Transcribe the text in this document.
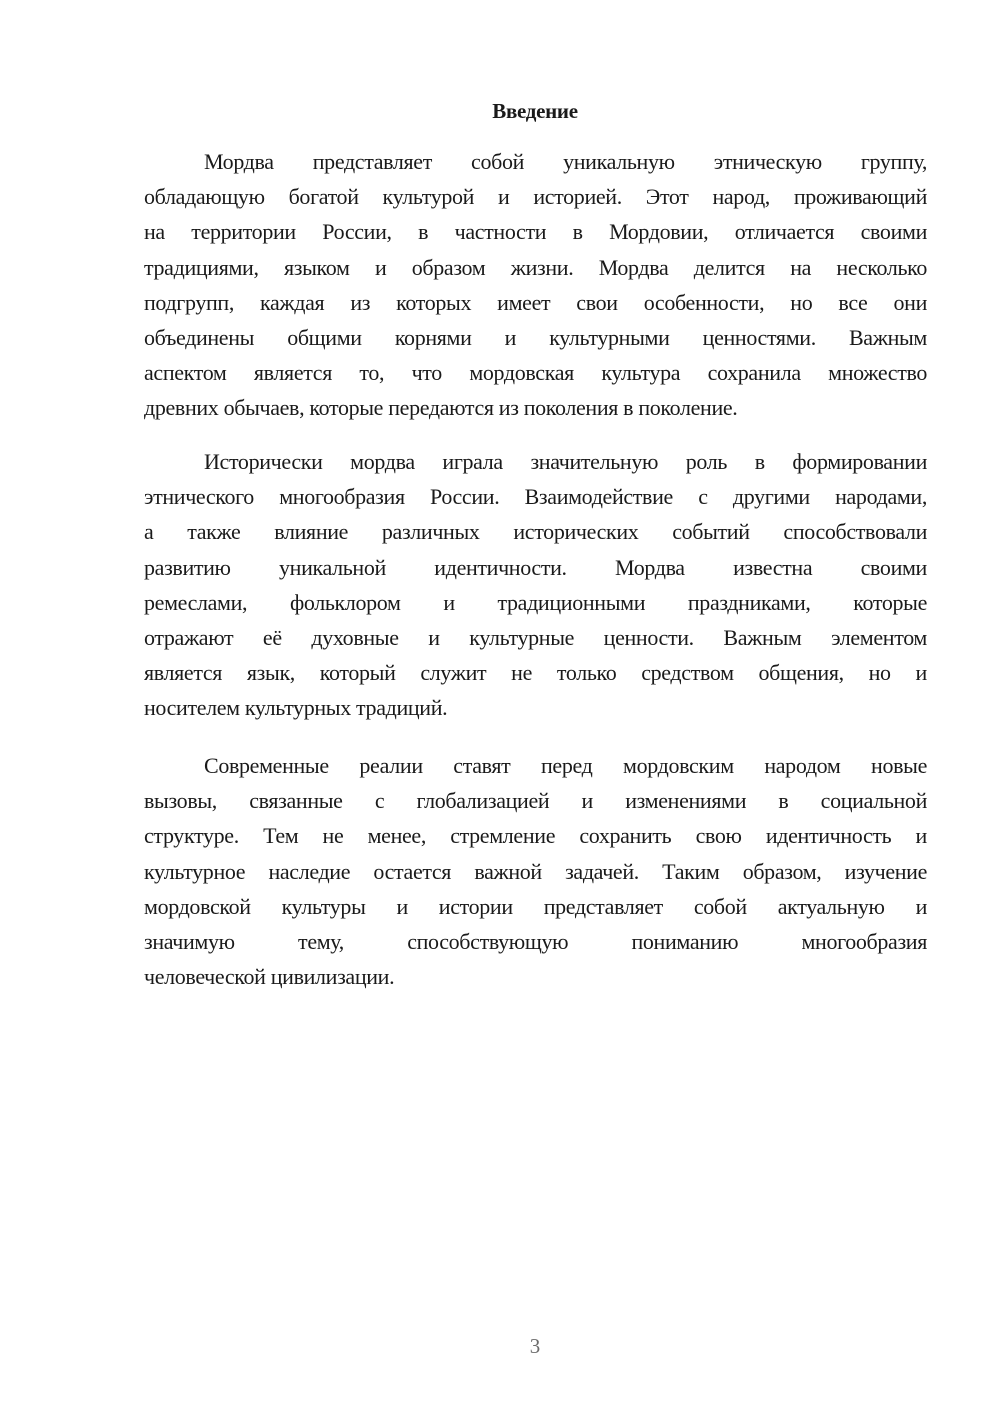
Введение
Мордва представляет собой уникальную этническую группу,
обладающую богатой культурой и историей. Этот народ, проживающий
на территории России, в частности в Мордовии, отличается своими
традициями, языком и образом жизни. Мордва делится на несколько
подгрупп, каждая из которых имеет свои особенности, но все они
объединены общими корнями и культурными ценностями. Важным
аспектом является то, что мордовская культура сохранила множество
древних обычаев, которые передаются из поколения в поколение.
Исторически мордва играла значительную роль в формировании
этнического многообразия России. Взаимодействие с другими народами,
а также влияние различных исторических событий способствовали
развитию уникальной идентичности. Мордва известна своими
ремеслами, фольклором и традиционными праздниками, которые
отражают её духовные и культурные ценности. Важным элементом
является язык, который служит не только средством общения, но и
носителем культурных традиций.
Современные реалии ставят перед мордовским народом новые
вызовы, связанные с глобализацией и изменениями в социальной
структуре. Тем не менее, стремление сохранить свою идентичность и
культурное наследие остается важной задачей. Таким образом, изучение
мордовской культуры и истории представляет собой актуальную и
значимую тему, способствующую пониманию многообразия
человеческой цивилизации.
3
